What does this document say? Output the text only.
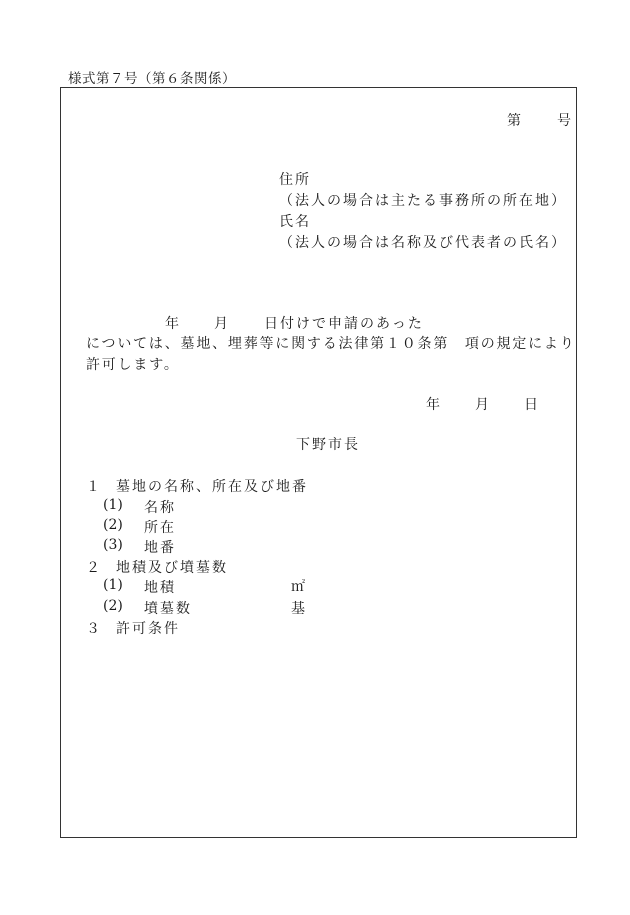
様式第７号（第６条関係）
第	号
住所
（法人の場合は主たる事務所の所在地）
氏名
（法人の場合は名称及び代表者の氏名）
年	月	日付けで申請のあった
については、墓地、埋葬等に関する法律第１０条第　項の規定により許可します。
年	月	日
下野市長
１ 墓地の名称、所在及び地番
(1) 名称
(2) 所在
(3) 地番
２ 地積及び墳墓数
(1) 地積	㎡
(2) 墳墓数	基
３ 許可条件
